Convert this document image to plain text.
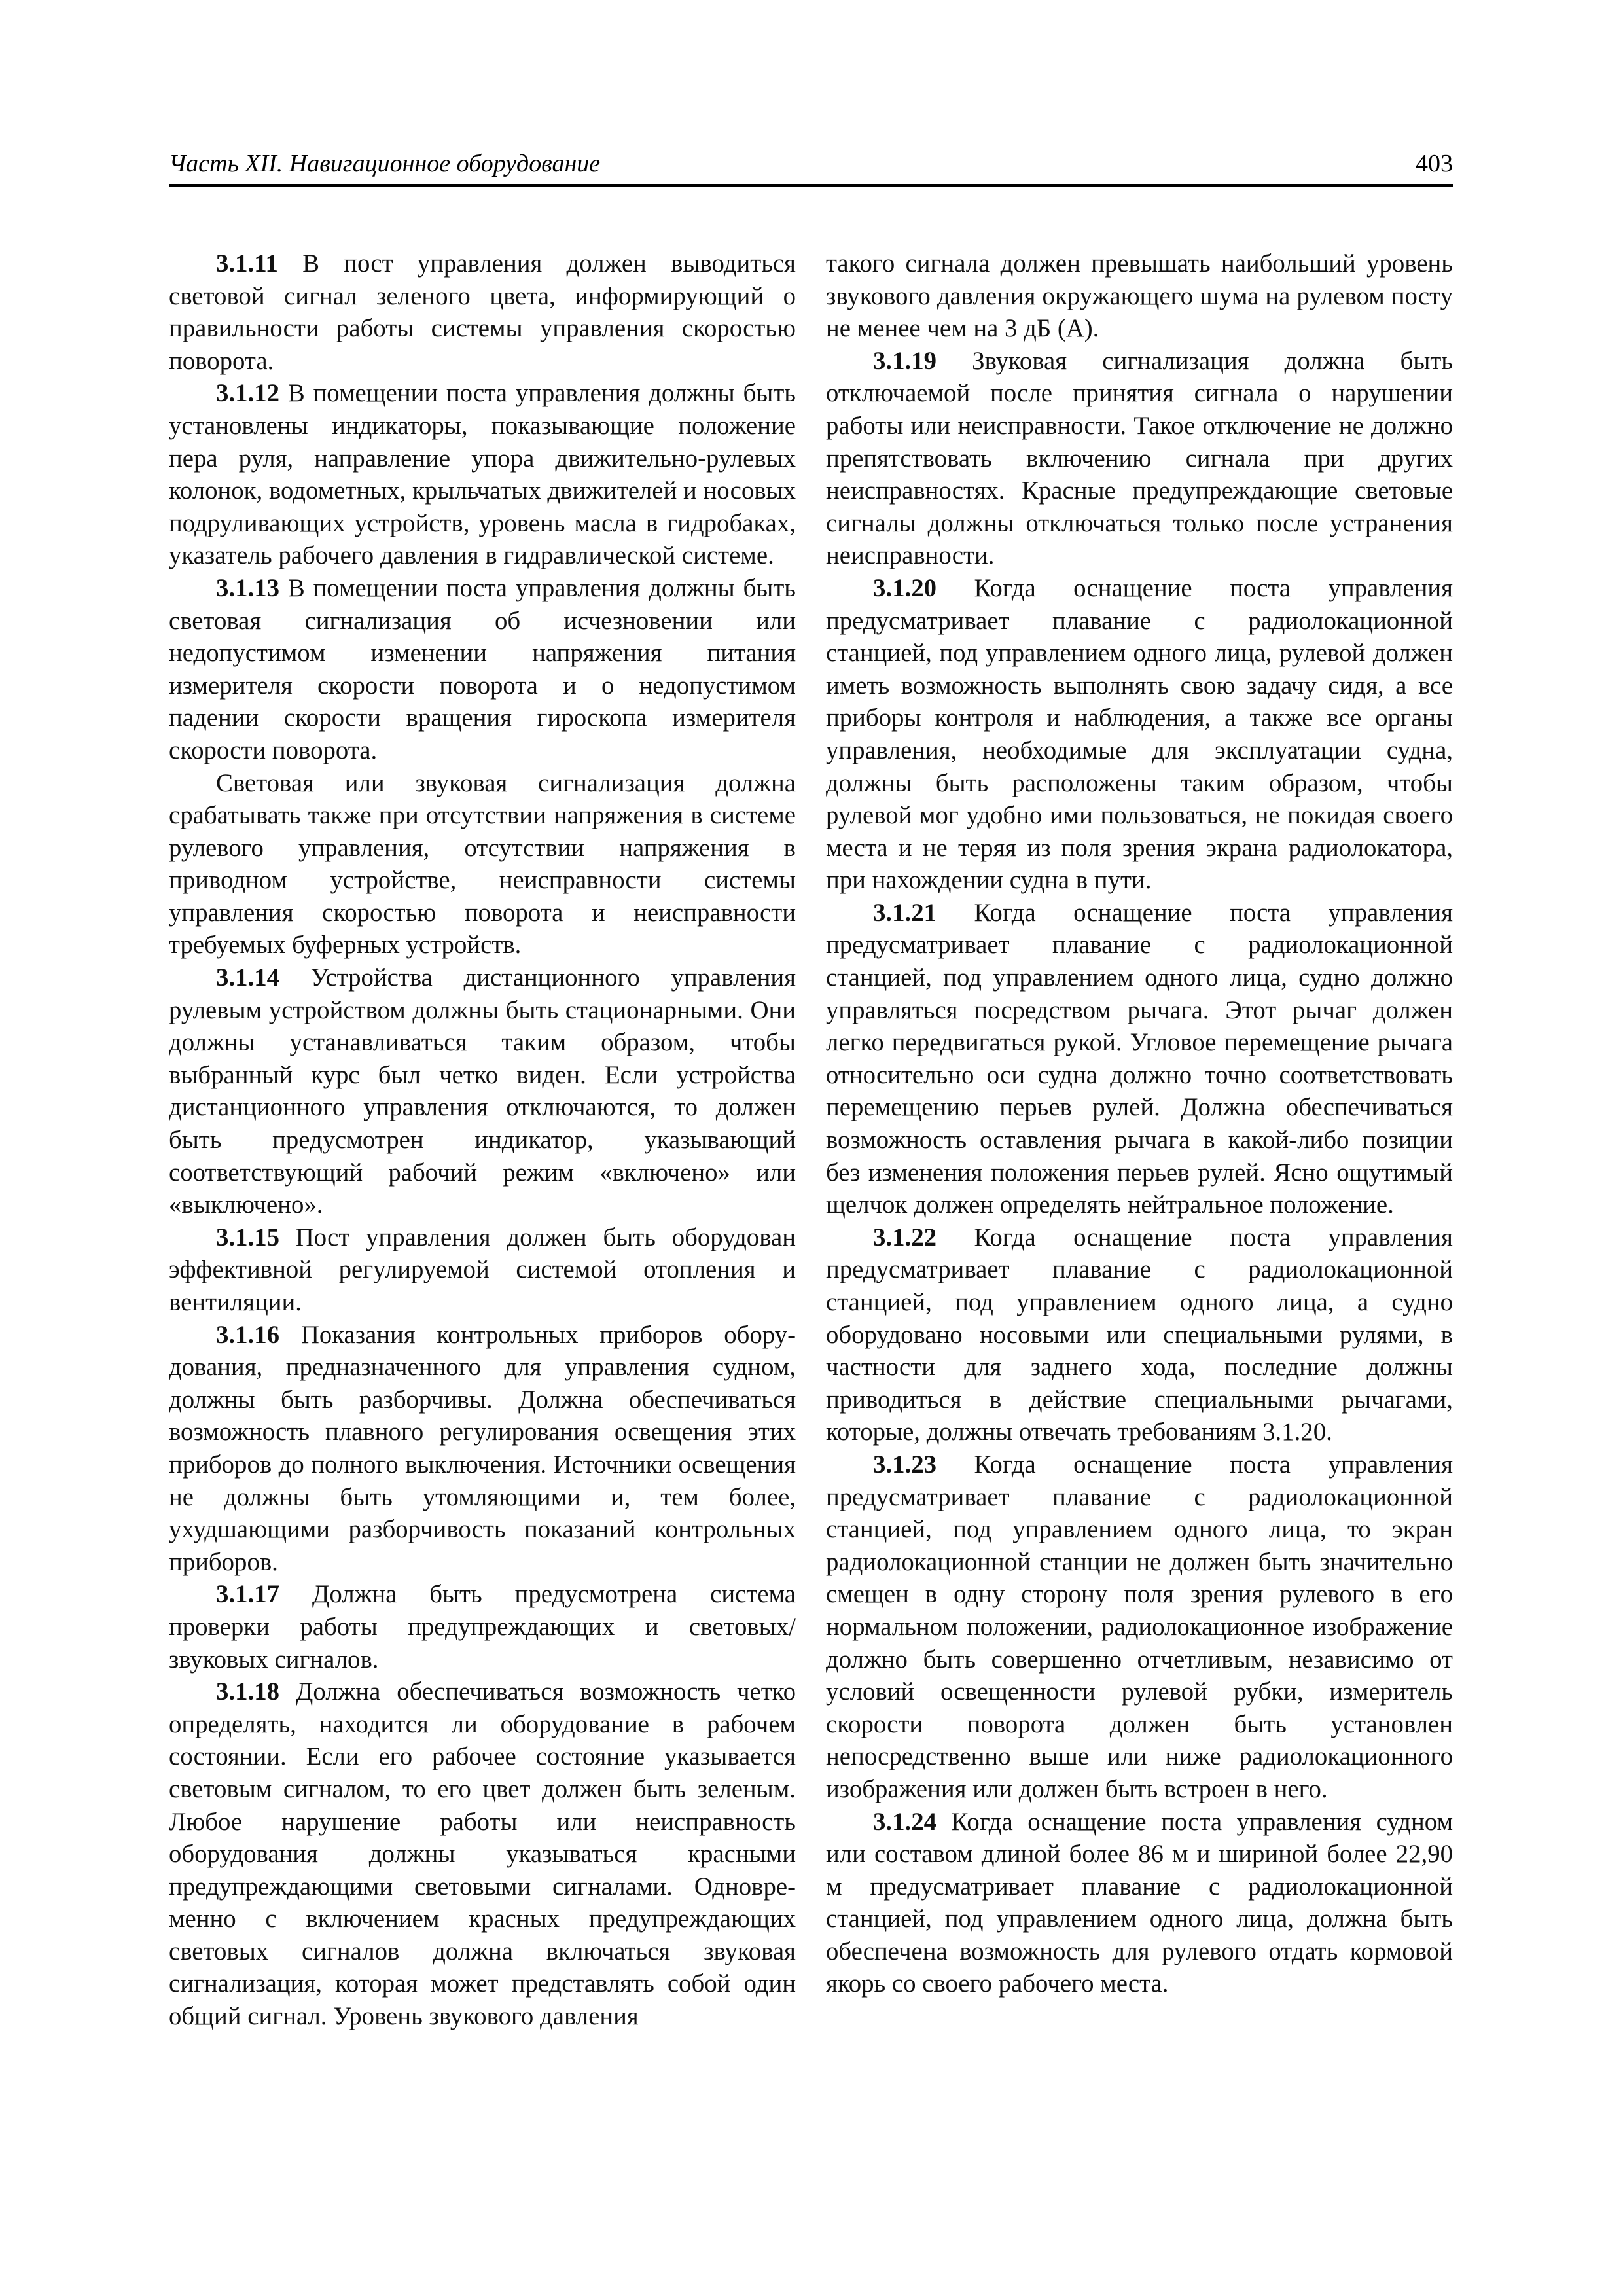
Часть XII. Навигационное оборудование	403

3.1.11 В пост управления должен выводиться световой сигнал зеленого цвета, информирующий о правильности работы системы управления скоростью поворота.

3.1.12 В помещении поста управления должны быть установлены индикаторы, показывающие положение пера руля, направление упора движительно-рулевых колонок, водометных, крыльчатых движителей и носовых подруливающих устройств, уровень масла в гидробаках, указатель рабочего давления в гидравлической системе.

3.1.13 В помещении поста управления должны быть световая сигнализация об исчезновении или недопустимом изменении напряжения питания измерителя скорости поворота и о недопустимом падении скорости вращения гироскопа измерителя скорости поворота.

Световая или звуковая сигнализация должна срабатывать также при отсутствии напряжения в системе рулевого управления, отсутствии напряжения в приводном устройстве, неисправности системы управления скоростью поворота и неисправности требуемых буферных устройств.

3.1.14 Устройства дистанционного управления рулевым устройством должны быть стационарными. Они должны устанавливаться таким образом, чтобы выбранный курс был четко виден. Если устройства дистанционного управления отключаются, то должен быть предусмотрен индикатор, указывающий соответствующий рабочий режим «включено» или «выключено».

3.1.15 Пост управления должен быть оборудован эффективной регулируемой системой отопления и вентиляции.

3.1.16 Показания контрольных приборов оборудования, предназначенного для управления судном, должны быть разборчивы. Должна обеспечиваться возможность плавного регулирования освещения этих приборов до полного выключения. Источники освещения не должны быть утомляющими и, тем более, ухудшающими разборчивость показаний контрольных приборов.

3.1.17 Должна быть предусмотрена система проверки работы предупреждающих и световых/звуковых сигналов.

3.1.18 Должна обеспечиваться возможность четко определять, находится ли оборудование в рабочем состоянии. Если его рабочее состояние указывается световым сигналом, то его цвет должен быть зеленым. Любое нарушение работы или неисправность оборудования должны указываться красными предупреждающими световыми сигналами. Одновременно с включением красных предупреждающих световых сигналов должна включаться звуковая сигнализация, которая может представлять собой один общий сигнал. Уровень звукового давления

такого сигнала должен превышать наибольший уровень звукового давления окружающего шума на рулевом посту не менее чем на 3 дБ (A).

3.1.19 Звуковая сигнализация должна быть отключаемой после принятия сигнала о нарушении работы или неисправности. Такое отключение не должно препятствовать включению сигнала при других неисправностях. Красные предупреждающие световые сигналы должны отключаться только после устранения неисправности.

3.1.20 Когда оснащение поста управления предусматривает плавание с радиолокационной станцией, под управлением одного лица, рулевой должен иметь возможность выполнять свою задачу сидя, а все приборы контроля и наблюдения, а также все органы управления, необходимые для эксплуатации судна, должны быть расположены таким образом, чтобы рулевой мог удобно ими пользоваться, не покидая своего места и не теряя из поля зрения экрана радиолокатора, при нахождении судна в пути.

3.1.21 Когда оснащение поста управления предусматривает плавание с радиолокационной станцией, под управлением одного лица, судно должно управляться посредством рычага. Этот рычаг должен легко передвигаться рукой. Угловое перемещение рычага относительно оси судна должно точно соответствовать перемещению перьев рулей. Должна обеспечиваться возможность оставления рычага в какой-либо позиции без изменения положения перьев рулей. Ясно ощутимый щелчок должен определять нейтральное положение.

3.1.22 Когда оснащение поста управления предусматривает плавание с радиолокационной станцией, под управлением одного лица, а судно оборудовано носовыми или специальными рулями, в частности для заднего хода, последние должны приводиться в действие специальными рычагами, которые, должны отвечать требованиям 3.1.20.

3.1.23 Когда оснащение поста управления предусматривает плавание с радиолокационной станцией, под управлением одного лица, то экран радиолокационной станции не должен быть значительно смещен в одну сторону поля зрения рулевого в его нормальном положении, радиолокационное изображение должно быть совершенно отчетливым, независимо от условий освещенности рулевой рубки, измеритель скорости поворота должен быть установлен непосредственно выше или ниже радиолокационного изображения или должен быть встроен в него.

3.1.24 Когда оснащение поста управления судном или составом длиной более 86 м и шириной более 22,90 м предусматривает плавание с радиолокационной станцией, под управлением одного лица, должна быть обеспечена возможность для рулевого отдать кормовой якорь со своего рабочего места.
